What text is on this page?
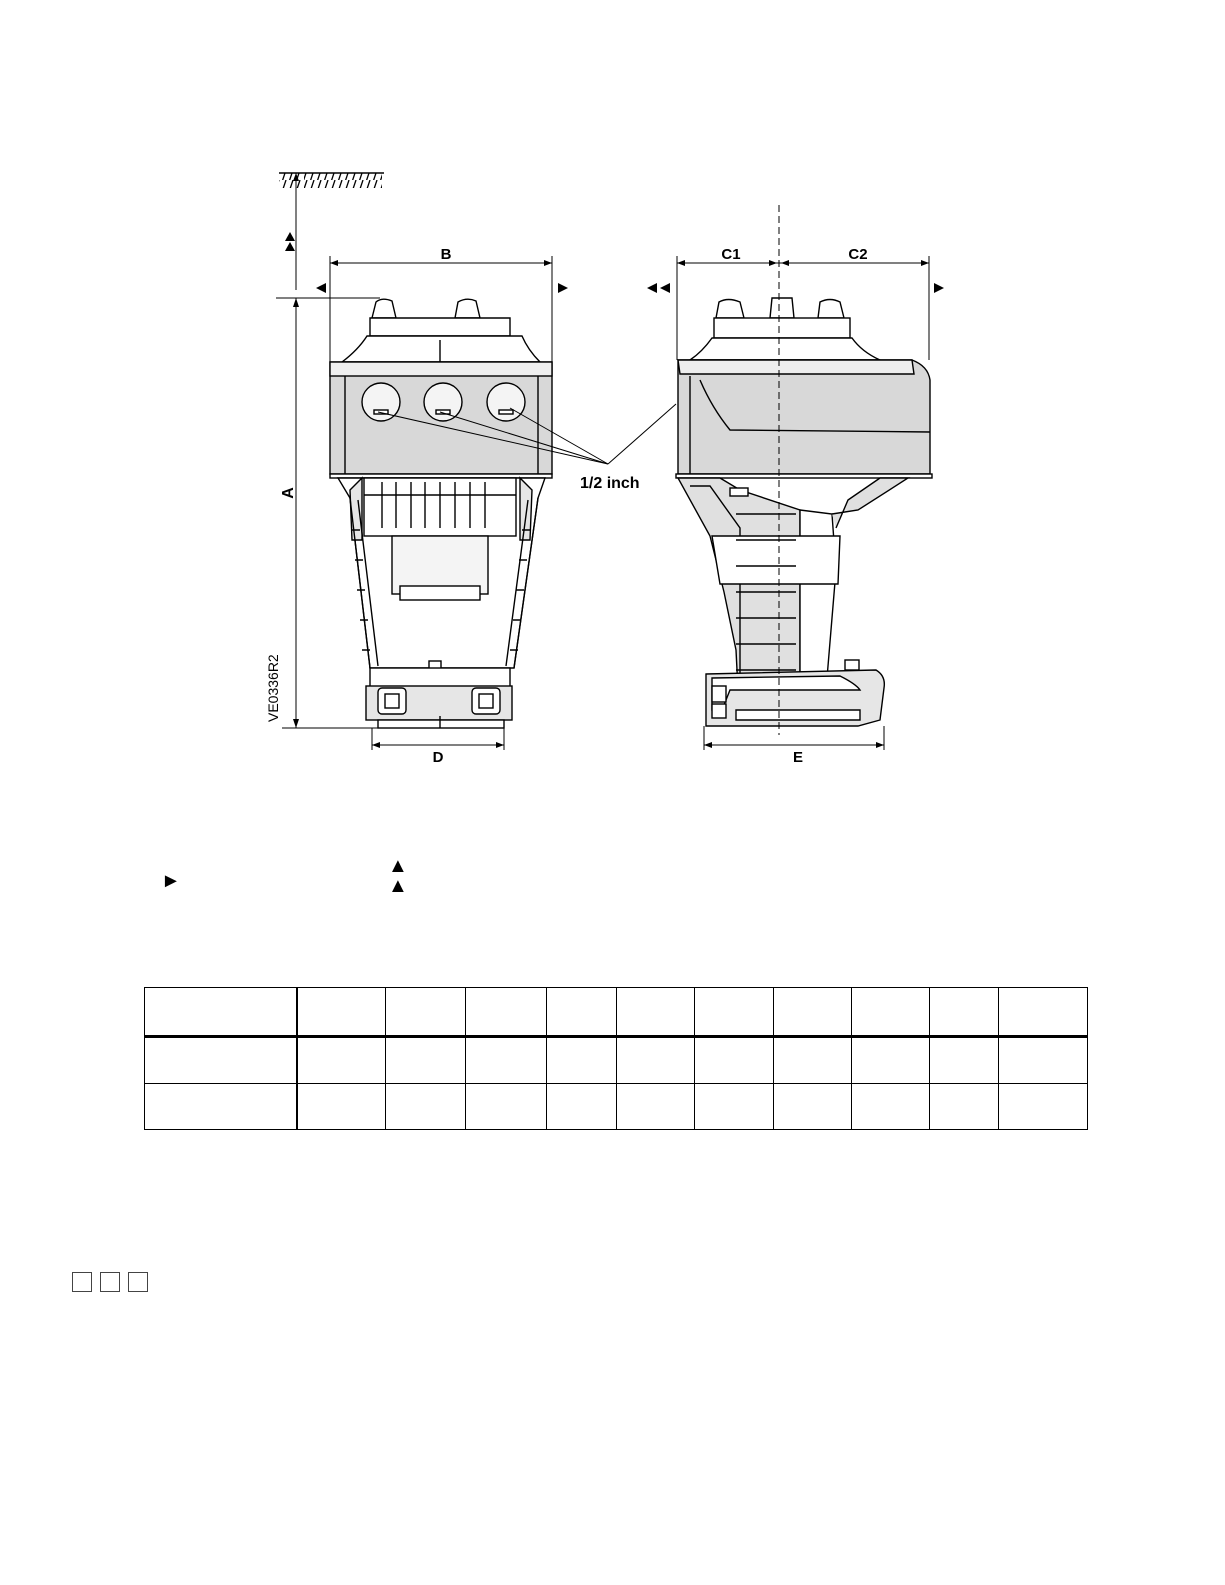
A
VE0336R2
B
D
1/2 inch
C1	C2
E
►
▲
▲
